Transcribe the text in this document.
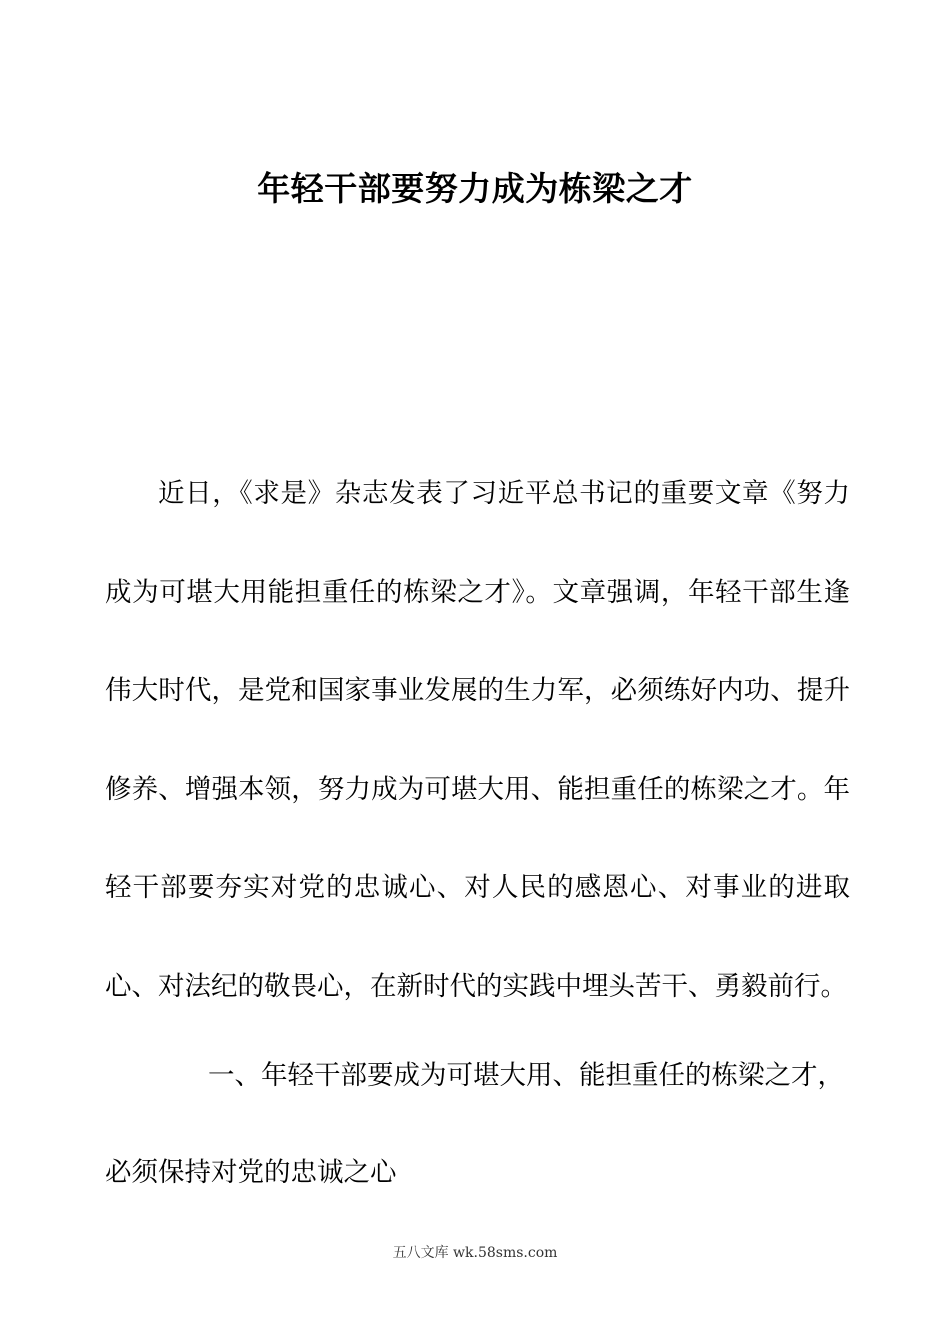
年轻干部要努力成为栋梁之才
近日，《求是》杂志发表了习近平总书记的重要文章《努力
成为可堪大用能担重任的栋梁之才》。文章强调，年轻干部生逢
伟大时代，是党和国家事业发展的生力军，必须练好内功、提升
修养、增强本领，努力成为可堪大用、能担重任的栋梁之才。年
轻干部要夯实对党的忠诚心、对人民的感恩心、对事业的进取
心、对法纪的敬畏心，在新时代的实践中埋头苦干、勇毅前行。
一、年轻干部要成为可堪大用、能担重任的栋梁之才，
必须保持对党的忠诚之心
五八文库 wk.58sms.com
